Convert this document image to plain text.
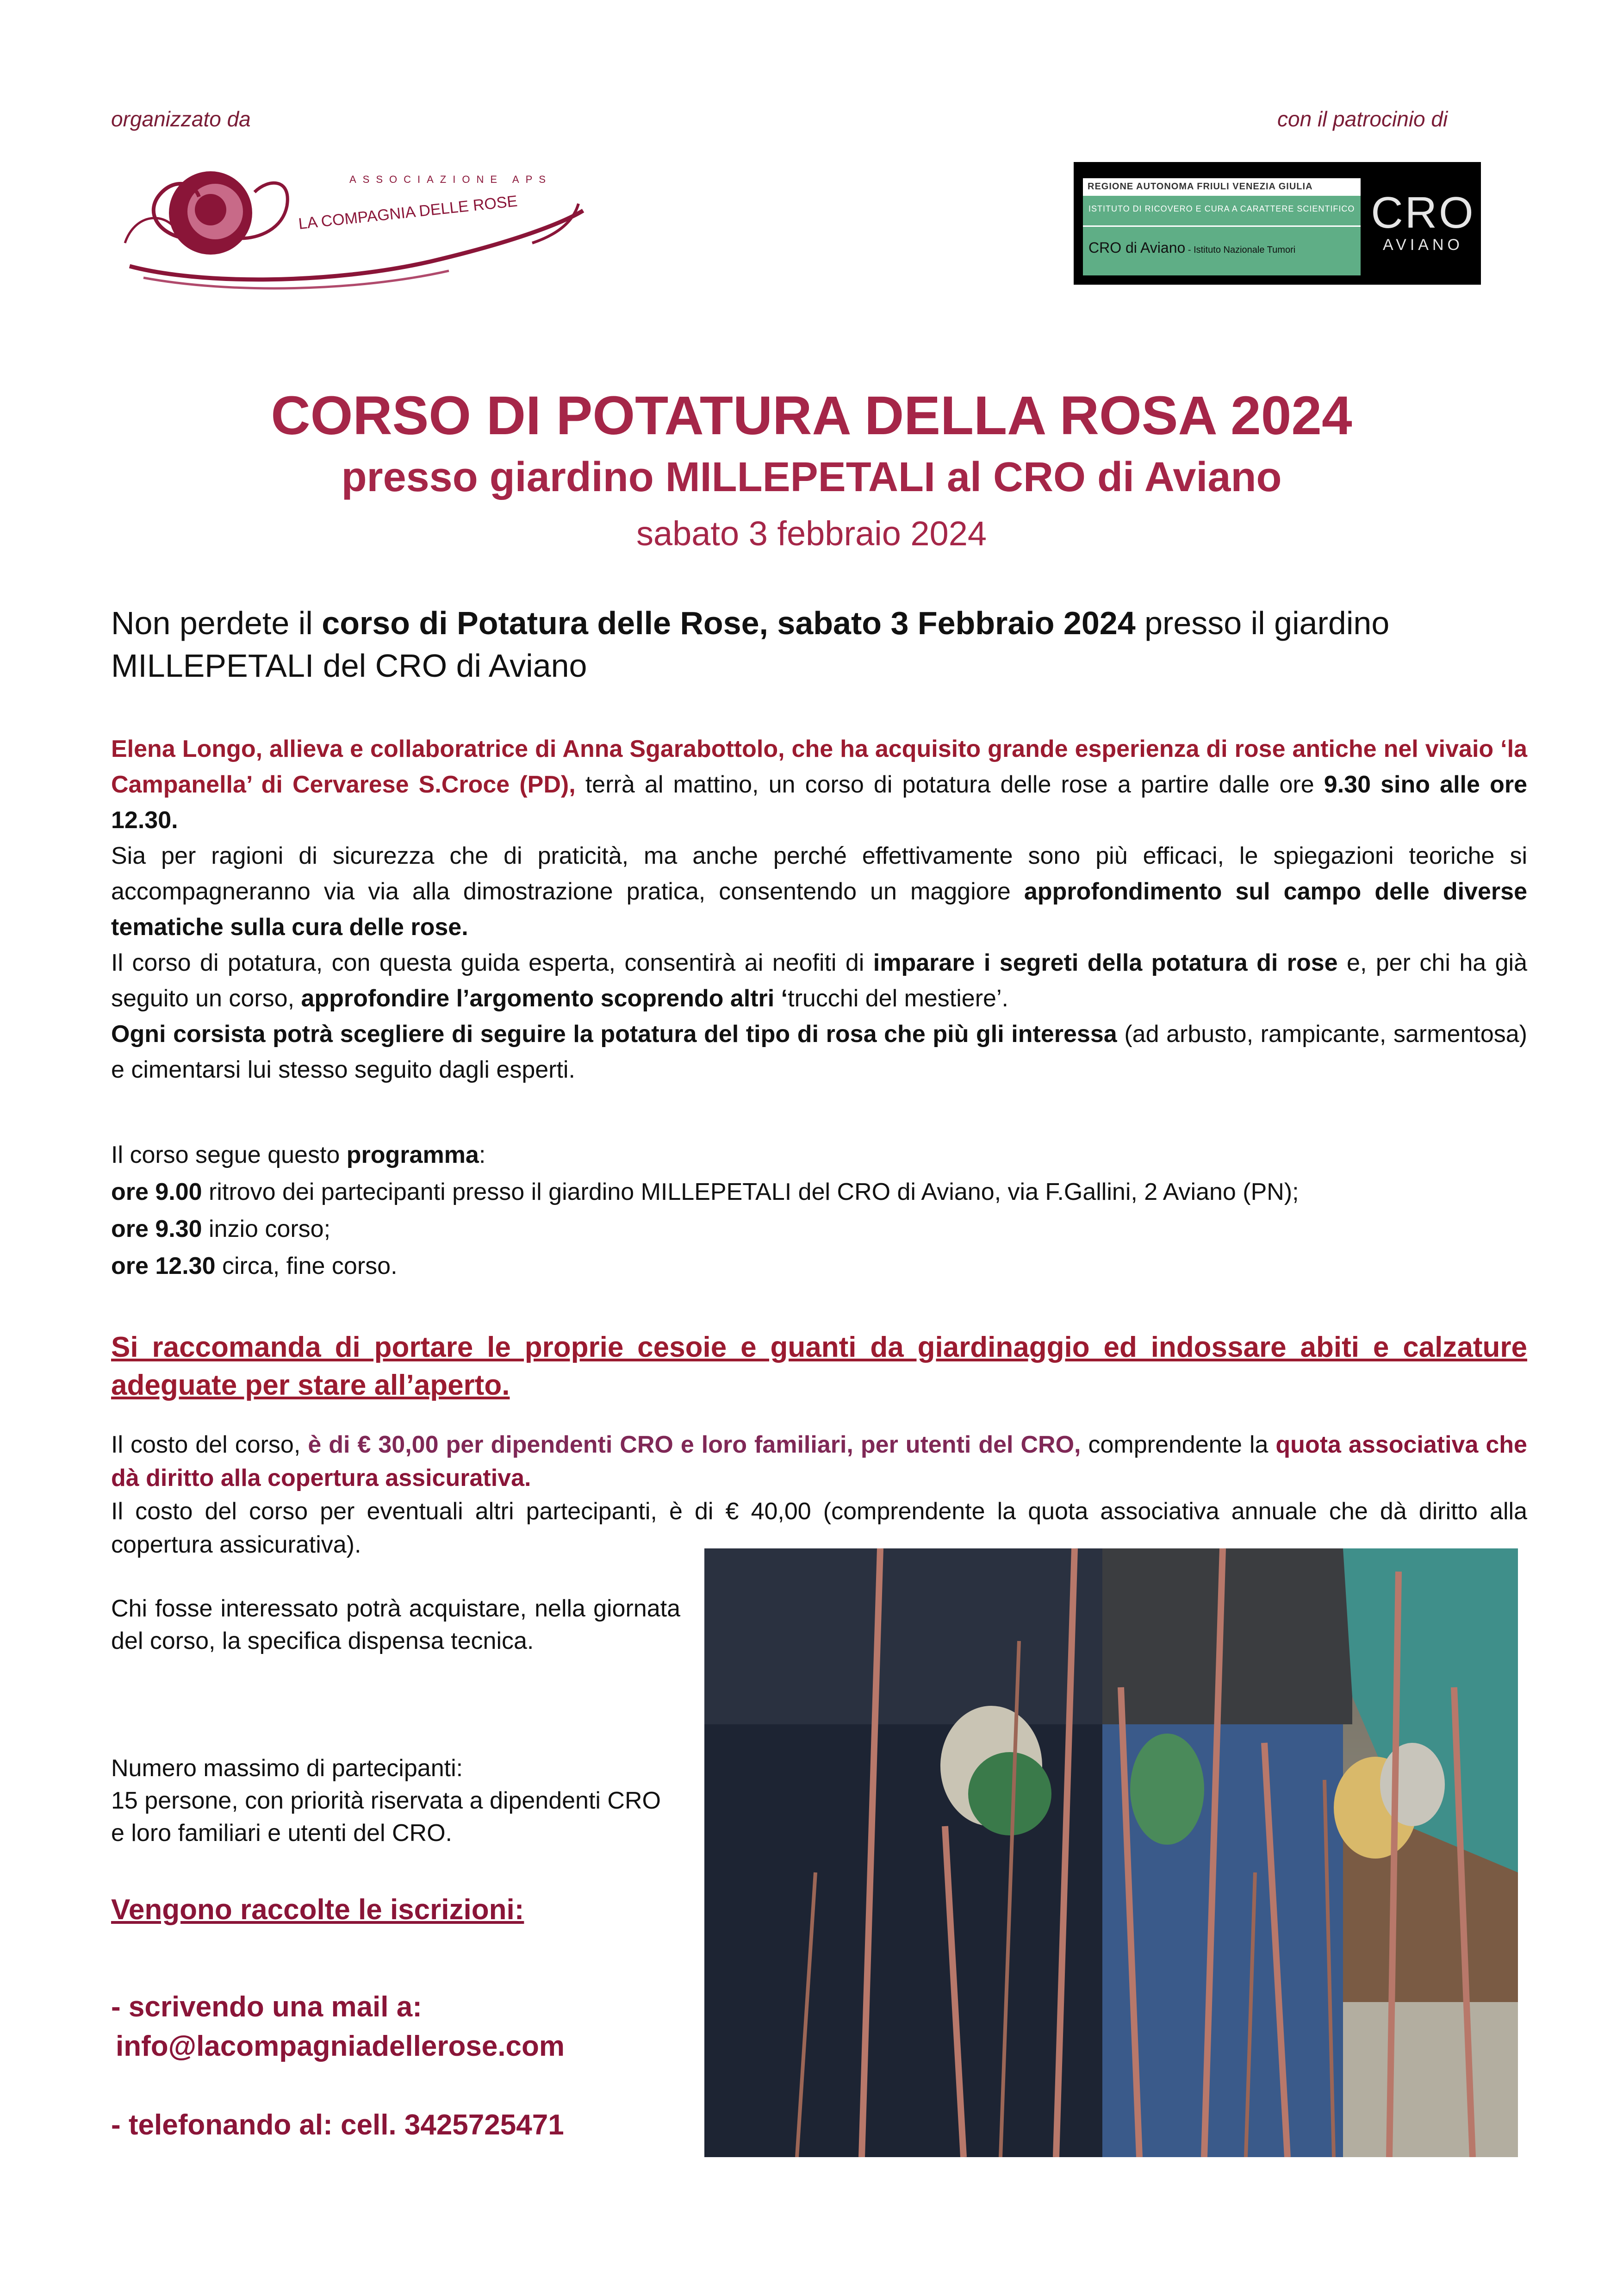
organizzato da	con il patrocinio di
ASSOCIAZIONE APS
LA COMPAGNIA DELLE ROSE
REGIONE AUTONOMA FRIULI VENEZIA GIULIA
ISTITUTO DI RICOVERO E CURA A CARATTERE SCIENTIFICO
CRO di Aviano - Istituto Nazionale Tumori
CRO
AVIANO
CORSO DI POTATURA DELLA ROSA 2024
presso giardino MILLEPETALI al CRO di Aviano
sabato 3 febbraio 2024

Non perdete il corso di Potatura delle Rose, sabato 3 Febbraio 2024 presso il giardino MILLEPETALI del CRO di Aviano

Elena Longo, allieva e collaboratrice di Anna Sgarabottolo, che ha acquisito grande esperienza di rose antiche nel vivaio ‘la Campanella’ di Cervarese S.Croce (PD), terrà al mattino, un corso di potatura delle rose a partire dalle ore 9.30 sino alle ore 12.30.

Sia per ragioni di sicurezza che di praticità, ma anche perché effettivamente sono più efficaci, le spiegazioni teoriche si accompagneranno via via alla dimostrazione pratica, consentendo un maggiore approfondimento sul campo delle diverse tematiche sulla cura delle rose.

Il corso di potatura, con questa guida esperta, consentirà ai neofiti di imparare i segreti della potatura di rose e, per chi ha già seguito un corso, approfondire l’argomento scoprendo altri ‘trucchi del mestiere’.

Ogni corsista potrà scegliere di seguire la potatura del tipo di rosa che più gli interessa (ad arbusto, rampicante, sarmentosa) e cimentarsi lui stesso seguito dagli esperti.

Il corso segue questo programma:

ore 9.00 ritrovo dei partecipanti presso il giardino MILLEPETALI del CRO di Aviano, via F.Gallini, 2 Aviano (PN);

ore 9.30 inzio corso;

ore 12.30 circa, fine corso.

Si raccomanda di portare le proprie cesoie e guanti da giardinaggio ed indossare abiti e calzature adeguate per stare all’aperto.

Il costo del corso, è di € 30,00 per dipendenti CRO e loro familiari, per utenti del CRO, comprendente la quota associativa che dà diritto alla copertura assicurativa.

Il costo del corso per eventuali altri partecipanti, è di € 40,00 (comprendente la quota associativa annuale che dà diritto alla copertura assicurativa).

Chi fosse interessato potrà acquistare, nella giornata del corso, la specifica dispensa tecnica.

Numero massimo di partecipanti:

15 persone, con priorità riservata a dipendenti CRO e loro familiari e utenti del CRO.

Vengono raccolte le iscrizioni:
- scrivendo una mail a:
info@lacompagniadellerose.com
- telefonando al: cell. 3425725471
